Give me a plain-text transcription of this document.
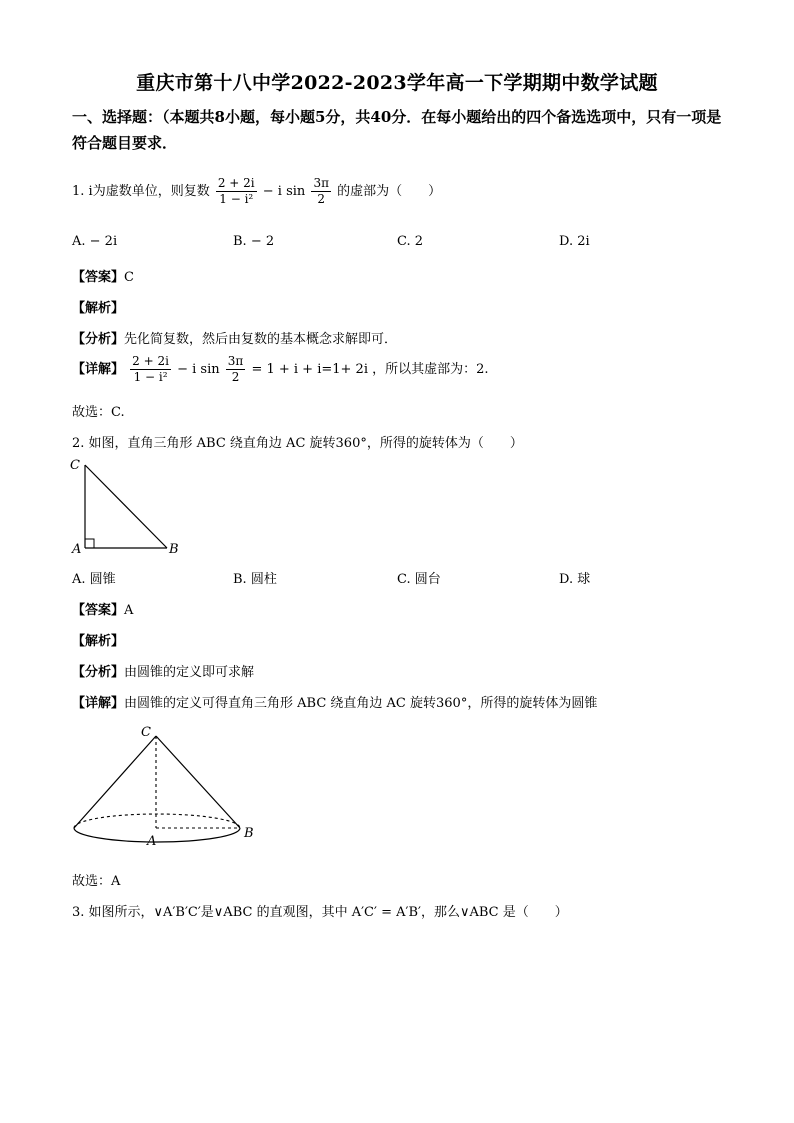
重庆市第十八中学2022-2023学年高一下学期期中数学试题
一、选择题：（本题共8小题，每小题5分，共40分．在每小题给出的四个备选选项中，只有一项是符合题目要求．
1. i为虚数单位，则复数 $\frac{2 + 2i}{\text{1 − i²}} - i$ $\sin \frac{3\pi}{2}$ 的虚部为（　　）
A. − 2i	B. − 2	C. 2	D. 2i
【答案】C
【解析】
【分析】先化简复数，然后由复数的基本概念求解即可．
【详解】 $\frac{2 + 2i}{\text{1 − i²}} - i$ $\sin \frac{3\pi}{2} = 1 + i + i=1+ 2i$ ，所以其虚部为：2.
故选：C.
2. 如图，直角三角形 ABC 绕直角边 AC 旋转360°，所得的旋转体为（　　）
C
A	B
A. 圆锥	B. 圆柱	C. 圆台	D. 球
【答案】A
【解析】
【分析】由圆锥的定义即可求解
【详解】由圆锥的定义可得直角三角形 ABC 绕直角边 AC 旋转360°，所得的旋转体为圆锥
C
A
B
故选：A
3. 如图所示，∨A′B′C′是∨ABC 的直观图，其中 A′C′ = A′B′，那么∨ABC 是（　　）
